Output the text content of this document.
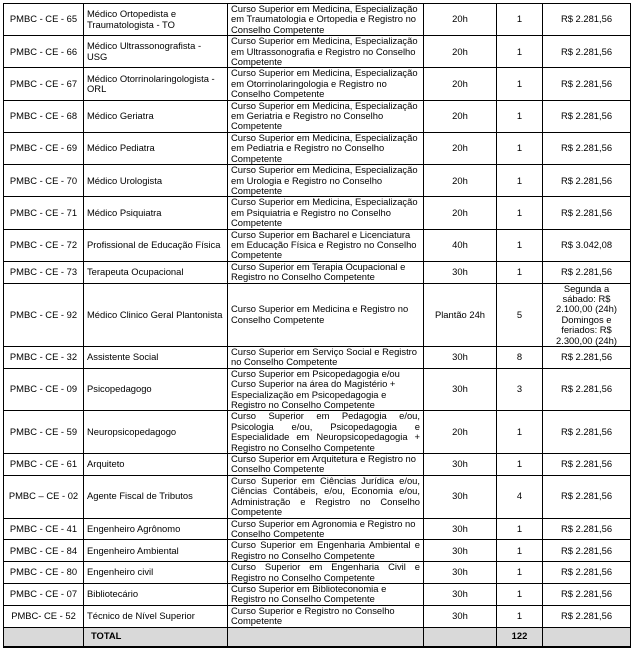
PMBC - CE - 65	Médico Ortopedista e Traumatologista - TO	Curso Superior em Medicina, Especialização em Traumatologia e Ortopedia e Registro no Conselho Competente	20h	1	R$ 2.281,56
PMBC - CE - 66	Médico Ultrassonografista - USG	Curso Superior em Medicina, Especialização em Ultrassonografia e Registro no Conselho Competente	20h	1	R$ 2.281,56
PMBC - CE - 67	Médico Otorrinolaringologista - ORL	Curso Superior em Medicina, Especialização em Otorrinolaringologia e Registro no Conselho Competente	20h	1	R$ 2.281,56
PMBC - CE - 68	Médico Geriatra	Curso Superior em Medicina, Especialização em Geriatria e Registro no Conselho Competente	20h	1	R$ 2.281,56
PMBC - CE - 69	Médico Pediatra	Curso Superior em Medicina, Especialização em Pediatria e Registro no Conselho Competente	20h	1	R$ 2.281,56
PMBC - CE - 70	Médico Urologista	Curso Superior em Medicina, Especialização em Urologia e Registro no Conselho Competente	20h	1	R$ 2.281,56
PMBC - CE - 71	Médico Psiquiatra	Curso Superior em Medicina, Especialização em Psiquiatria e Registro no Conselho Competente	20h	1	R$ 2.281,56
PMBC - CE - 72	Profissional de Educação Física	Curso Superior em Bacharel e Licenciatura em Educação Física e Registro no Conselho Competente	40h	1	R$ 3.042,08
PMBC - CE - 73	Terapeuta Ocupacional	Curso Superior em Terapia Ocupacional e Registro no Conselho Competente	30h	1	R$ 2.281,56
PMBC - CE - 92	Médico Clinico Geral Plantonista	Curso Superior em Medicina e Registro no Conselho Competente	Plantão 24h	5	Segunda a
sábado: R$
2.100,00 (24h)
Domingos e
feriados: R$
2.300,00 (24h)
PMBC - CE - 32	Assistente Social	Curso Superior em Serviço Social e Registro no Conselho Competente	30h	8	R$ 2.281,56
PMBC - CE - 09	Psicopedagogo	Curso Superior em Psicopedagogia e/ou Curso Superior na área do Magistério + Especialização em Psicopedagogia e Registro no Conselho Competente	30h	3	R$ 2.281,56
PMBC - CE - 59	Neuropsicopedagogo	Curso Superior em Pedagogia e/ou, Psicologia e/ou, Psicopedagogia e Especialidade em Neuropsicopedagogia + Registro no Conselho Competente	20h	1	R$ 2.281,56
PMBC - CE - 61	Arquiteto	Curso Superior em Arquitetura e Registro no Conselho Competente	30h	1	R$ 2.281,56
PMBC – CE - 02	Agente Fiscal de Tributos	Curso Superior em Ciências Jurídica e/ou, Ciências Contábeis, e/ou, Economia e/ou, Administração e Registro no Conselho Competente	30h	4	R$ 2.281,56
PMBC - CE - 41	Engenheiro Agrônomo	Curso Superior em Agronomia e Registro no Conselho Competente	30h	1	R$ 2.281,56
PMBC - CE - 84	Engenheiro Ambiental	Curso Superior em Engenharia Ambiental e Registro no Conselho Competente	30h	1	R$ 2.281,56
PMBC - CE - 80	Engenheiro civil	Curso Superior em Engenharia Civil e Registro no Conselho Competente	30h	1	R$ 2.281,56
PMBC - CE - 07	Bibliotecário	Curso Superior em Biblioteconomia e Registro no Conselho Competente	30h	1	R$ 2.281,56
PMBC- CE - 52	Técnico de Nível Superior	Curso Superior e Registro no Conselho Competente	30h	1	R$ 2.281,56
	TOTAL			122	
